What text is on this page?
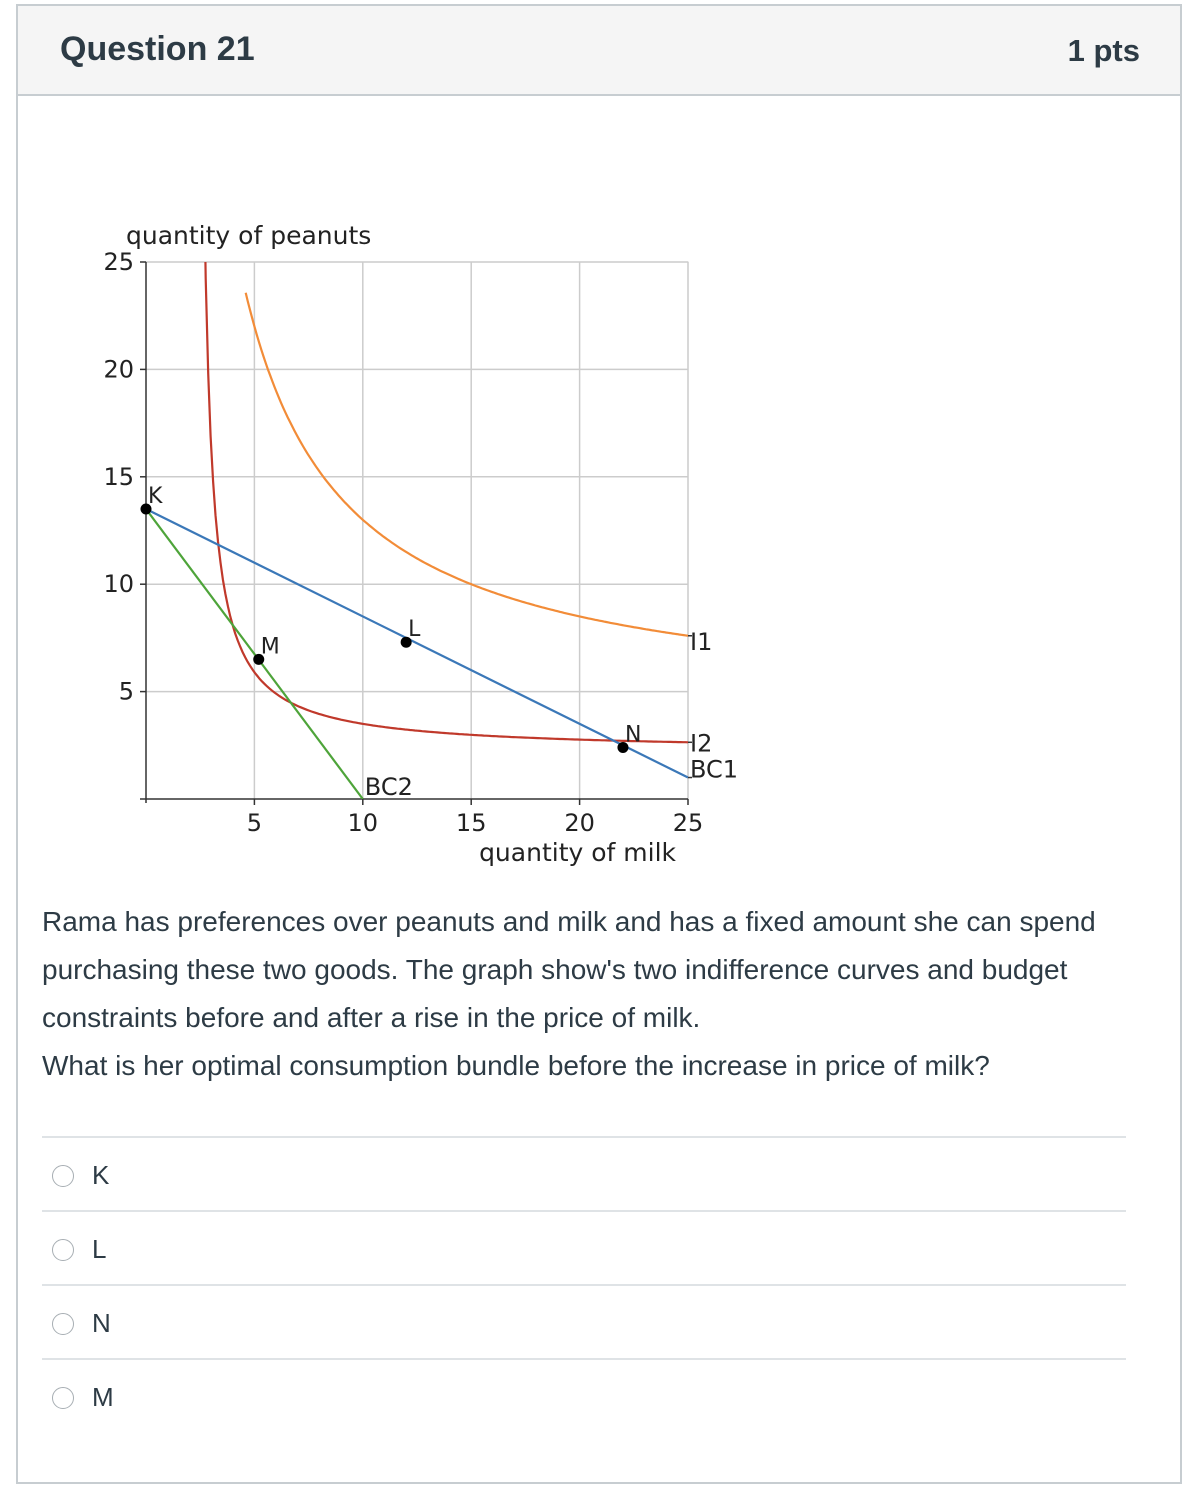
Question 21	1 pts
5	10	15	20	25
5
10
15
20
25
quantity of peanuts
quantity of milk
I1
I2
BC1
BC2
K
L
M
N

Rama has preferences over peanuts and milk and has a fixed amount she can spend purchasing these two goods. The graph show's two indifference curves and budget constraints before and after a rise in the price of milk.

What is her optimal consumption bundle before the increase in price of milk?

K
L
N
M
